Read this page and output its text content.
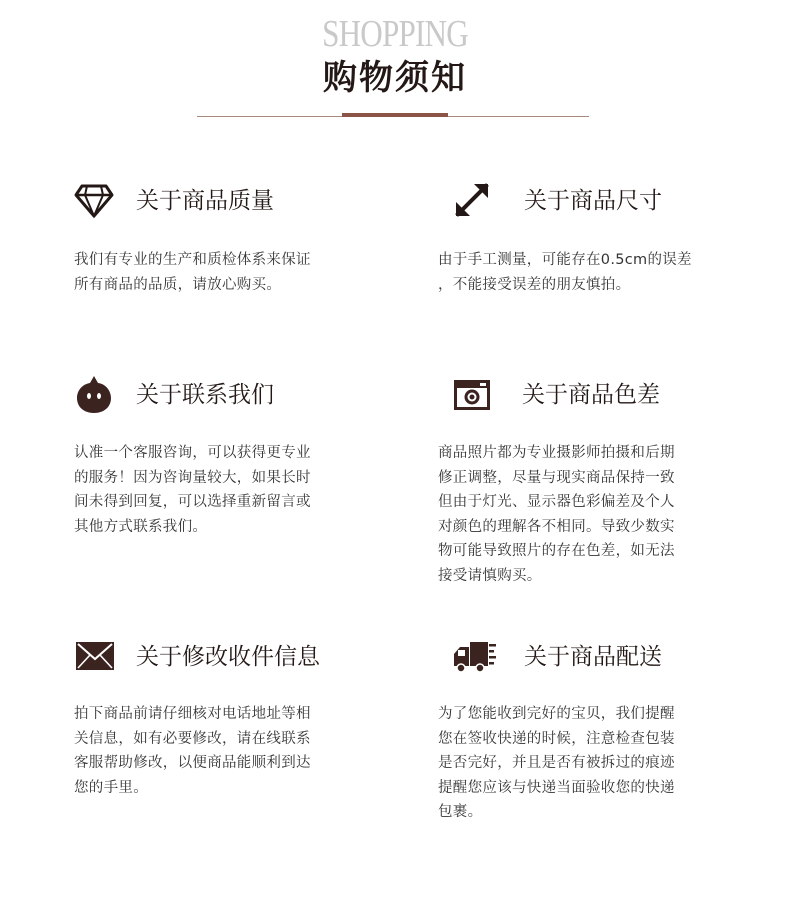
SHOPPING
购物须知
关于商品质量
我们有专业的生产和质检体系来保证
所有商品的品质，请放心购买。
关于商品尺寸
由于手工测量，可能存在0.5cm的误差
，不能接受误差的朋友慎拍。
关于联系我们
认准一个客服咨询，可以获得更专业
的服务！因为咨询量较大，如果长时
间未得到回复，可以选择重新留言或
其他方式联系我们。
关于商品色差
商品照片都为专业摄影师拍摄和后期
修正调整，尽量与现实商品保持一致
但由于灯光、显示器色彩偏差及个人
对颜色的理解各不相同。导致少数实
物可能导致照片的存在色差，如无法
接受请慎购买。
关于修改收件信息
拍下商品前请仔细核对电话地址等相
关信息，如有必要修改，请在线联系
客服帮助修改，以便商品能顺利到达
您的手里。
关于商品配送
为了您能收到完好的宝贝，我们提醒
您在签收快递的时候，注意检查包装
是否完好，并且是否有被拆过的痕迹
提醒您应该与快递当面验收您的快递
包裹。
